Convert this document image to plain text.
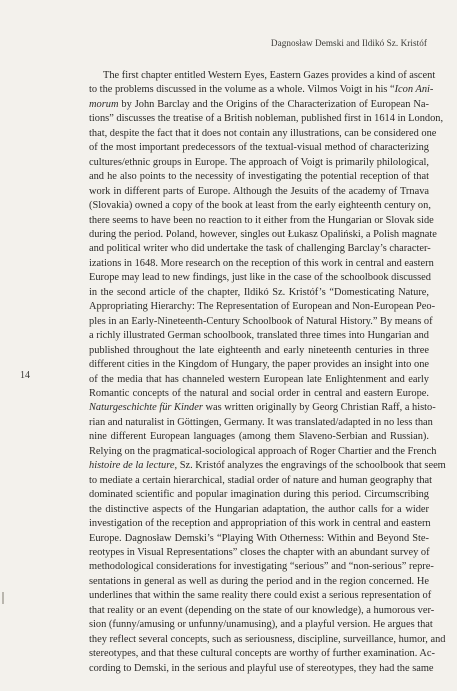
Dagnosław Demski and Ildikó Sz. Kristóf
14

The first chapter entitled Western Eyes, Eastern Gazes provides a kind of ascent
to the problems discussed in the volume as a whole. Vilmos Voigt in his “Icon Ani-
morum by John Barclay and the Origins of the Characterization of European Na-
tions” discusses the treatise of a British nobleman, published first in 1614 in London,
that, despite the fact that it does not contain any illustrations, can be considered one
of the most important predecessors of the textual-visual method of characterizing
cultures/ethnic groups in Europe. The approach of Voigt is primarily philological,
and he also points to the necessity of investigating the potential reception of that
work in different parts of Europe. Although the Jesuits of the academy of Trnava
(Slovakia) owned a copy of the book at least from the early eighteenth century on,
there seems to have been no reaction to it either from the Hungarian or Slovak side
during the period. Poland, however, singles out Łukasz Opaliński, a Polish magnate
and political writer who did undertake the task of challenging Barclay’s character-
izations in 1648. More research on the reception of this work in central and eastern
Europe may lead to new findings, just like in the case of the schoolbook discussed
in the second article of the chapter, Ildikó Sz. Kristóf’s “Domesticating Nature,
Appropriating Hierarchy: The Representation of European and Non-European Peo-
ples in an Early-Nineteenth-Century Schoolbook of Natural History.” By means of
a richly illustrated German schoolbook, translated three times into Hungarian and
published throughout the late eighteenth and early nineteenth centuries in three
different cities in the Kingdom of Hungary, the paper provides an insight into one
of the media that has channeled western European late Enlightenment and early
Romantic concepts of the natural and social order in central and eastern Europe.
Naturgeschichte für Kinder was written originally by Georg Christian Raff, a histo-
rian and naturalist in Göttingen, Germany. It was translated/adapted in no less than
nine different European languages (among them Slaveno-Serbian and Russian).
Relying on the pragmatical-sociological approach of Roger Chartier and the French
histoire de la lecture, Sz. Kristóf analyzes the engravings of the schoolbook that seem
to mediate a certain hierarchical, stadial order of nature and human geography that
dominated scientific and popular imagination during this period. Circumscribing
the distinctive aspects of the Hungarian adaptation, the author calls for a wider
investigation of the reception and appropriation of this work in central and eastern
Europe. Dagnosław Demski’s “Playing With Otherness: Within and Beyond Ste-
reotypes in Visual Representations” closes the chapter with an abundant survey of
methodological considerations for investigating “serious” and “non-serious” repre-
sentations in general as well as during the period and in the region concerned. He
underlines that within the same reality there could exist a serious representation of
that reality or an event (depending on the state of our knowledge), a humorous ver-
sion (funny/amusing or unfunny/unamusing), and a playful version. He argues that
they reflect several concepts, such as seriousness, discipline, surveillance, humor, and
stereotypes, and that these cultural concepts are worthy of further examination. Ac-
cording to Demski, in the serious and playful use of stereotypes, they had the same
